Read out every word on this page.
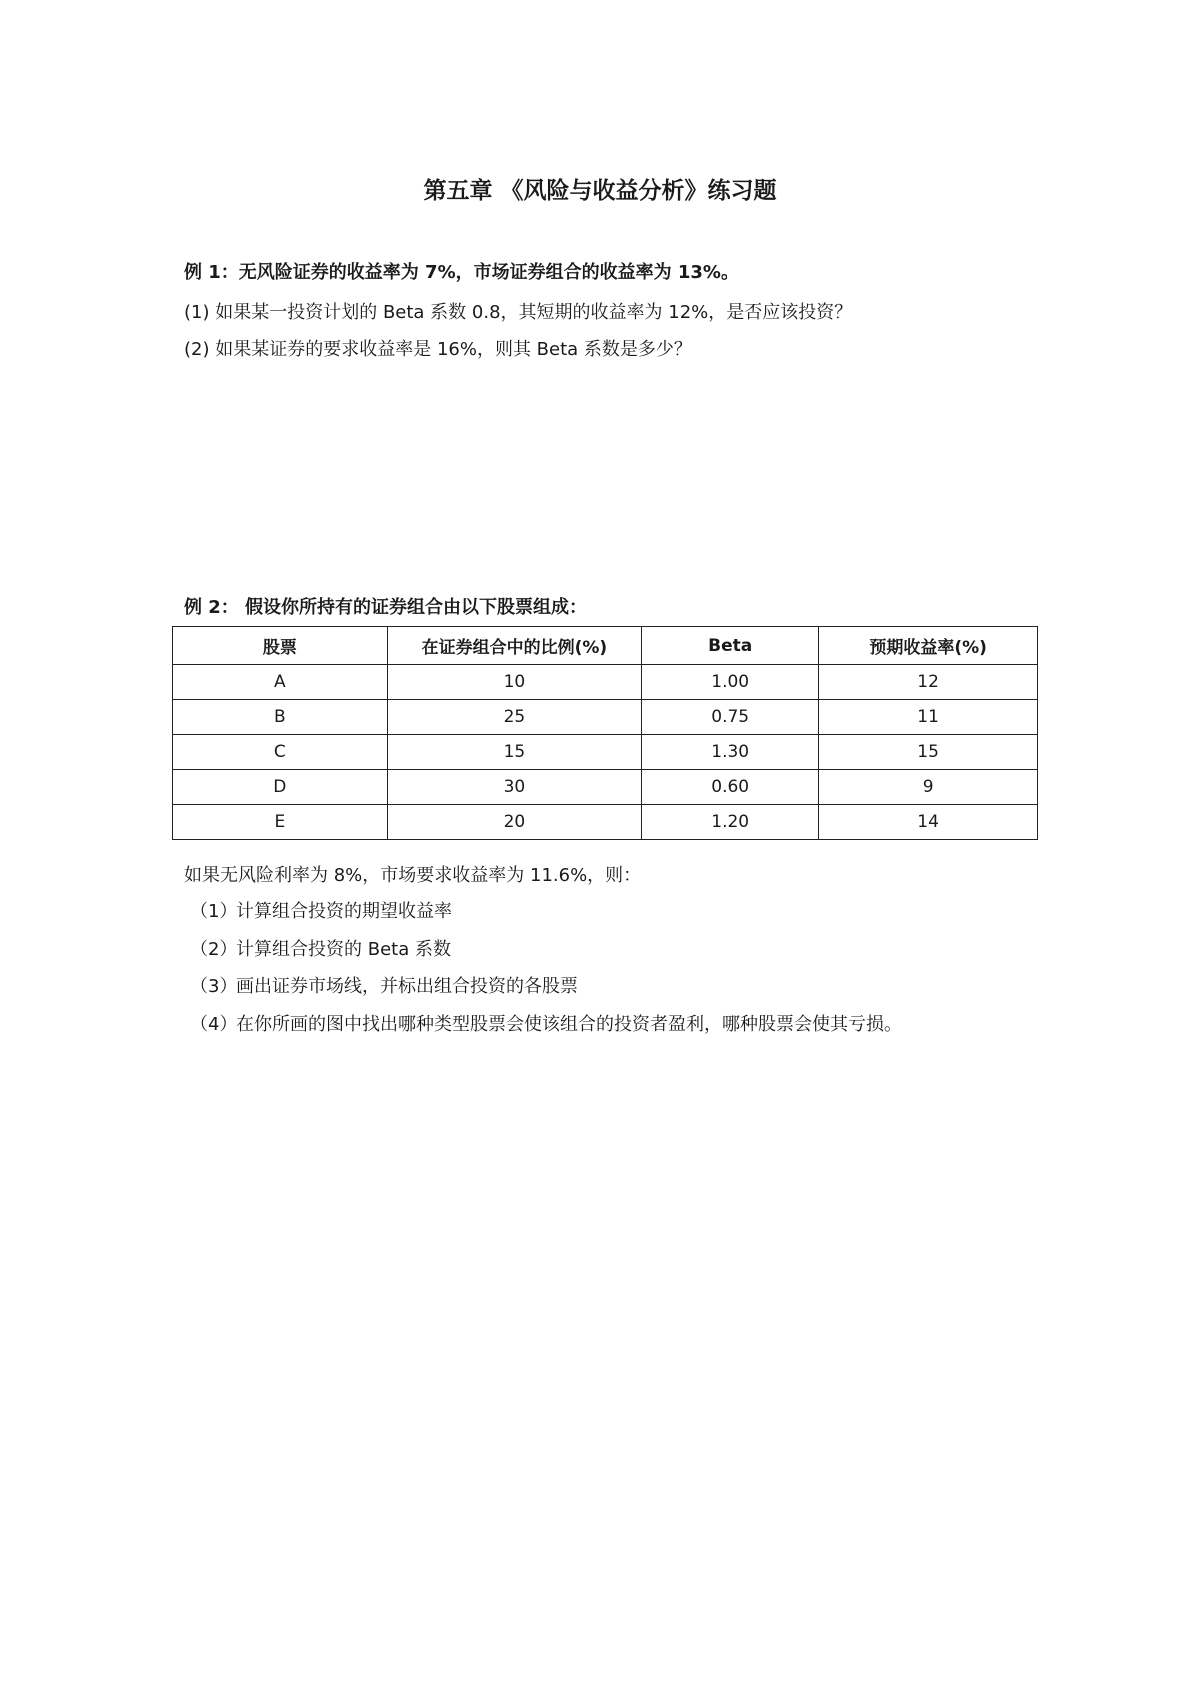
第五章 《风险与收益分析》练习题
例 1：无风险证券的收益率为 7%，市场证券组合的收益率为 13%。
(1) 如果某一投资计划的 Beta 系数 0.8，其短期的收益率为 12%，是否应该投资？
(2) 如果某证券的要求收益率是 16%，则其 Beta 系数是多少？
例 2： 假设你所持有的证券组合由以下股票组成：
股票	在证券组合中的比例(%)	Beta	预期收益率(%)
A	10	1.00	12
B	25	0.75	11
C	15	1.30	15
D	30	0.60	9
E	20	1.20	14
如果无风险利率为 8%，市场要求收益率为 11.6%，则：
（1）计算组合投资的期望收益率
（2）计算组合投资的 Beta 系数
（3）画出证券市场线，并标出组合投资的各股票
（4）在你所画的图中找出哪种类型股票会使该组合的投资者盈利，哪种股票会使其亏损。
